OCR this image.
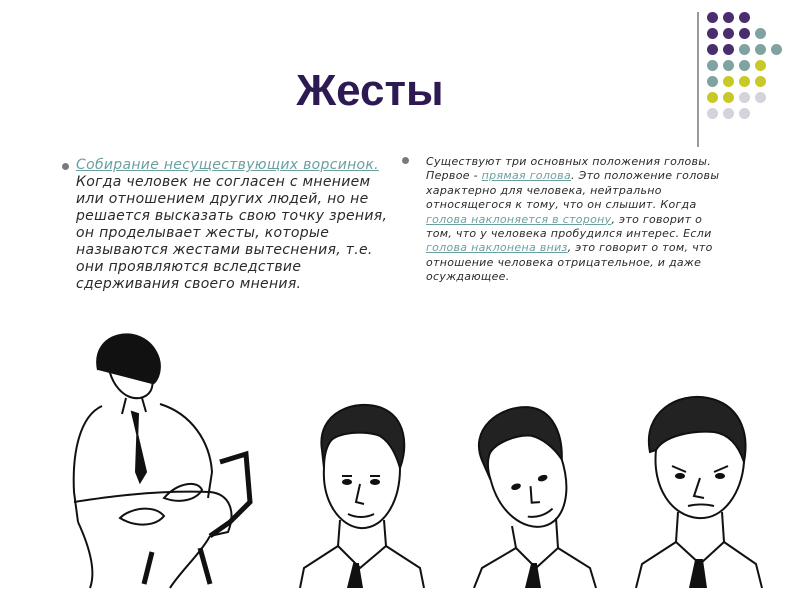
Жесты
Собирание несуществующих ворсинок. Когда человек не согласен с мнением или отношением других людей, но не решается высказать свою точку зрения, он проделывает жесты, которые называются жестами вытеснения, т.е. они проявляются вследствие сдерживания своего мнения.
Существуют три основных положения головы. Первое - прямая голова. Это положение головы характерно для человека, нейтрально относящегося к тому, что он слышит. Когда голова наклоняется в сторону, это говорит о том, что у человека пробудился интерес. Если голова наклонена вниз, это говорит о том, что отношение человека отрицательное, и даже осуждающее.
